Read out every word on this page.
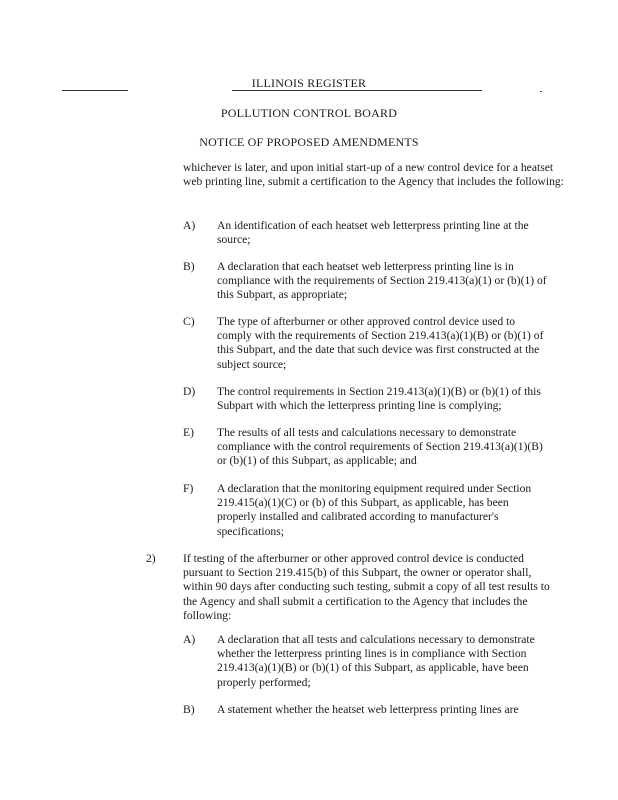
ILLINOIS REGISTER
POLLUTION CONTROL BOARD
NOTICE OF PROPOSED AMENDMENTS
whichever is later, and upon initial start-up of a new control device for a heatset web printing line, submit a certification to the Agency that includes the following:
A) An identification of each heatset web letterpress printing line at the source;
B) A declaration that each heatset web letterpress printing line is in compliance with the requirements of Section 219.413(a)(1) or (b)(1) of this Subpart, as appropriate;
C) The type of afterburner or other approved control device used to comply with the requirements of Section 219.413(a)(1)(B) or (b)(1) of this Subpart, and the date that such device was first constructed at the subject source;
D) The control requirements in Section 219.413(a)(1)(B) or (b)(1) of this Subpart with which the letterpress printing line is complying;
E) The results of all tests and calculations necessary to demonstrate compliance with the control requirements of Section 219.413(a)(1)(B) or (b)(1) of this Subpart, as applicable; and
F) A declaration that the monitoring equipment required under Section 219.415(a)(1)(C) or (b) of this Subpart, as applicable, has been properly installed and calibrated according to manufacturer's specifications;
2) If testing of the afterburner or other approved control device is conducted pursuant to Section 219.415(b) of this Subpart, the owner or operator shall, within 90 days after conducting such testing, submit a copy of all test results to the Agency and shall submit a certification to the Agency that includes the following:
A) A declaration that all tests and calculations necessary to demonstrate whether the letterpress printing lines is in compliance with Section 219.413(a)(1)(B) or (b)(1) of this Subpart, as applicable, have been properly performed;
B) A statement whether the heatset web letterpress printing lines are
